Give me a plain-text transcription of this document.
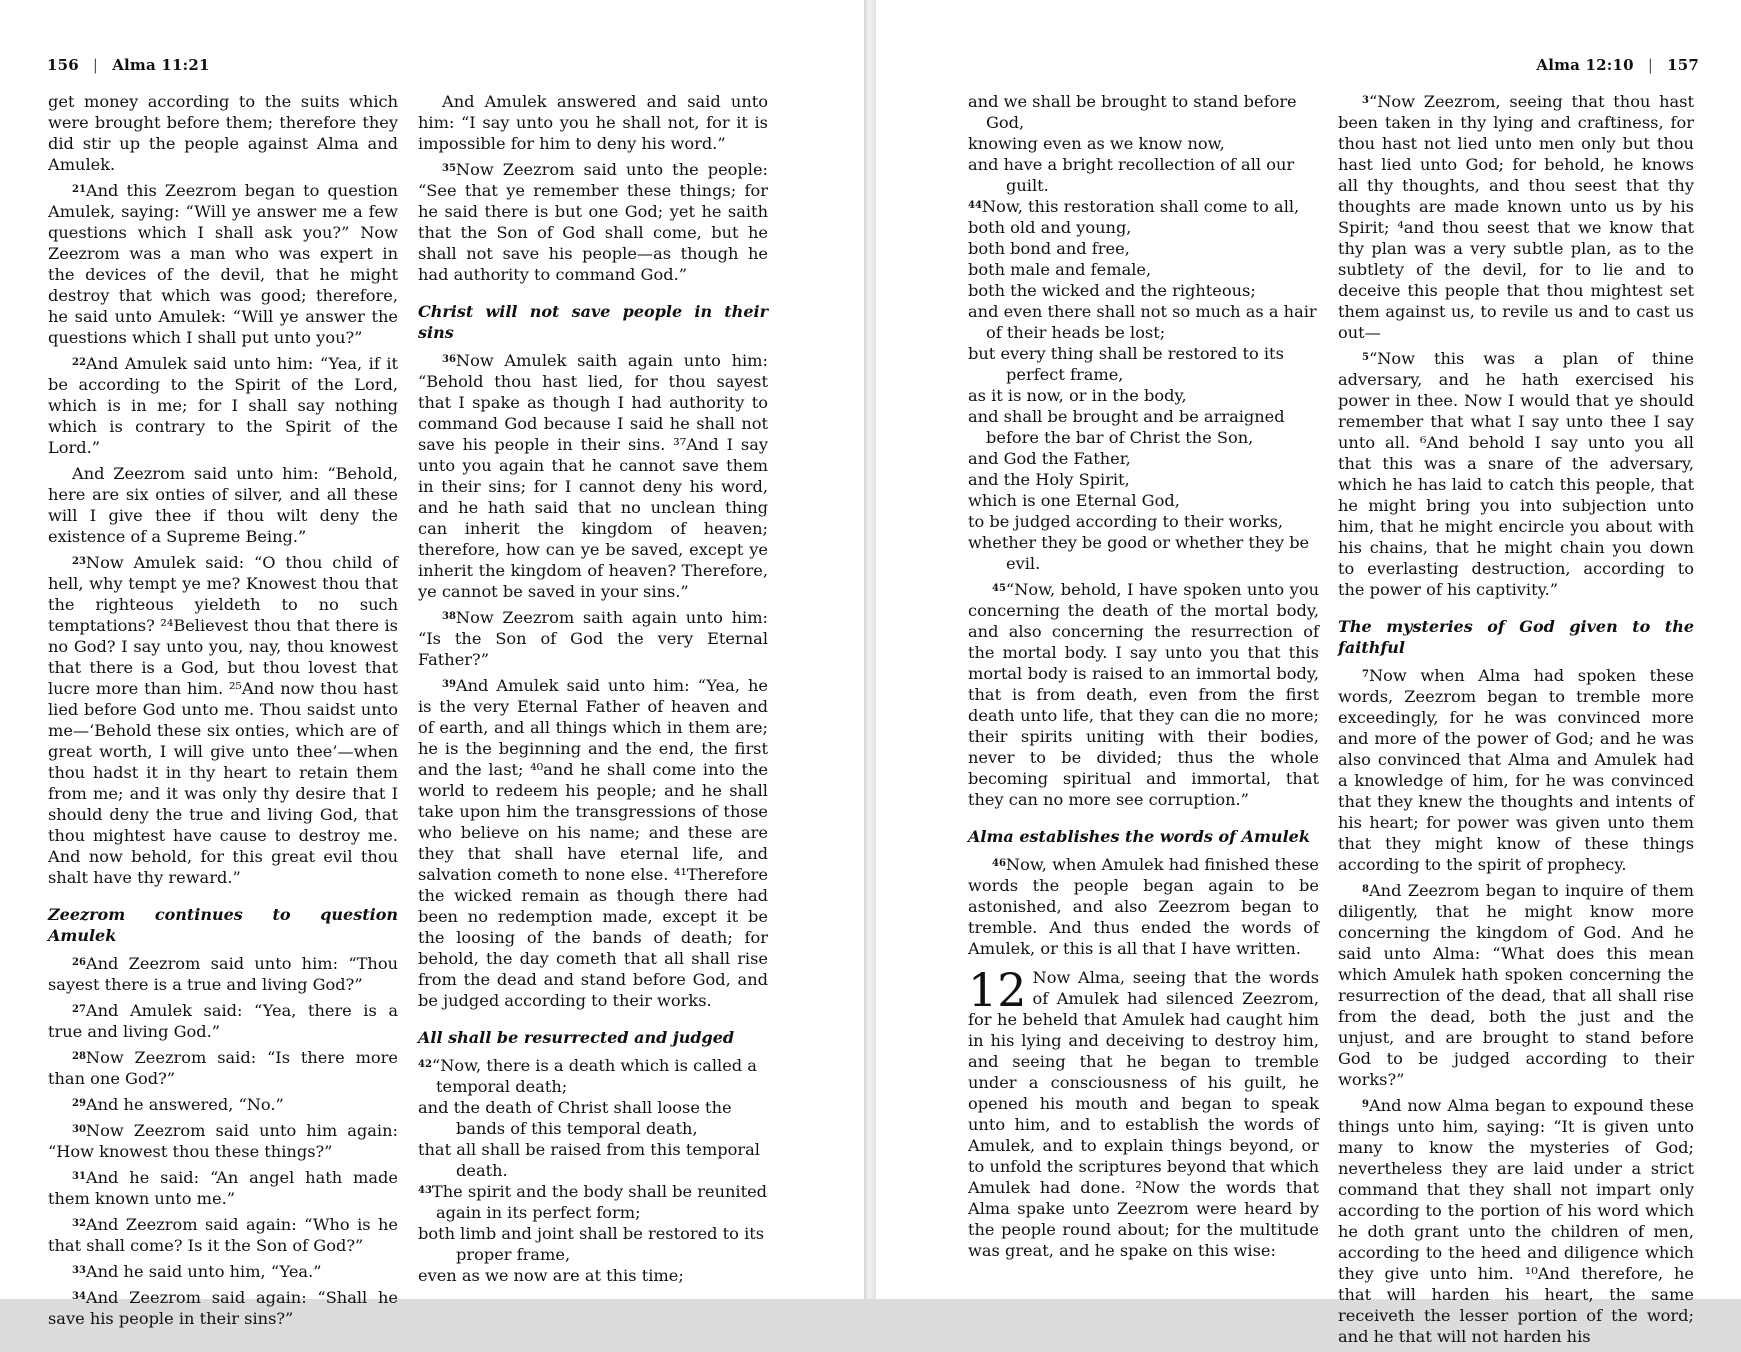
156 | Alma 11:21

get money according to the suits which were brought before them; therefore they did stir up the people against Alma and Amulek.

$^{21}$And this Zeezrom began to question Amulek, saying: “Will ye answer me a few questions which I shall ask you?” Now Zeezrom was a man who was expert in the devices of the devil, that he might destroy that which was good; therefore, he said unto Amulek: “Will ye answer the questions which I shall put unto you?”

$^{22}$And Amulek said unto him: “Yea, if it be according to the Spirit of the Lord, which is in me; for I shall say nothing which is contrary to the Spirit of the Lord.”

And Zeezrom said unto him: “Behold, here are six onties of silver, and all these will I give thee if thou wilt deny the existence of a Supreme Being.”

$^{23}$Now Amulek said: “O thou child of hell, why tempt ye me? Knowest thou that the righteous yieldeth to no such temptations? ²⁴Believest thou that there is no God? I say unto you, nay, thou knowest that there is a God, but thou lovest that lucre more than him. ²⁵And now thou hast lied before God unto me. Thou saidst unto me—‘Behold these six onties, which are of great worth, I will give unto thee’—when thou hadst it in thy heart to retain them from me; and it was only thy desire that I should deny the true and living God, that thou mightest have cause to destroy me. And now behold, for this great evil thou shalt have thy reward.”

Zeezrom continues to question Amulek

$^{26}$And Zeezrom said unto him: “Thou sayest there is a true and living God?”

$^{27}$And Amulek said: “Yea, there is a true and living God.”

$^{28}$Now Zeezrom said: “Is there more than one God?”

$^{29}$And he answered, “No.”

$^{30}$Now Zeezrom said unto him again: “How knowest thou these things?”

$^{31}$And he said: “An angel hath made them known unto me.”

$^{32}$And Zeezrom said again: “Who is he that shall come? Is it the Son of God?”

$^{33}$And he said unto him, “Yea.”

$^{34}$And Zeezrom said again: “Shall he save his people in their sins?”

And Amulek answered and said unto him: “I say unto you he shall not, for it is impossible for him to deny his word.”

$^{35}$Now Zeezrom said unto the people: “See that ye remember these things; for he said there is but one God; yet he saith that the Son of God shall come, but he shall not save his people—as though he had authority to command God.”

Christ will not save people in their sins

$^{36}$Now Amulek saith again unto him: “Behold thou hast lied, for thou sayest that I spake as though I had authority to command God because I said he shall not save his people in their sins. ³⁷And I say unto you again that he cannot save them in their sins; for I cannot deny his word, and he hath said that no unclean thing can inherit the kingdom of heaven; therefore, how can ye be saved, except ye inherit the kingdom of heaven? Therefore, ye cannot be saved in your sins.”

$^{38}$Now Zeezrom saith again unto him: “Is the Son of God the very Eternal Father?”

$^{39}$And Amulek said unto him: “Yea, he is the very Eternal Father of heaven and of earth, and all things which in them are; he is the beginning and the end, the first and the last; ⁴⁰and he shall come into the world to redeem his people; and he shall take upon him the transgressions of those who believe on his name; and these are they that shall have eternal life, and salvation cometh to none else. ⁴¹Therefore the wicked remain as though there had been no redemption made, except it be the loosing of the bands of death; for behold, the day cometh that all shall rise from the dead and stand before God, and be judged according to their works.

All shall be resurrected and judged
$^{42}$“Now, there is a death which is called a temporal death;
and the death of Christ shall loose the bands of this temporal death,
that all shall be raised from this temporal death.
$^{43}$The spirit and the body shall be reunited again in its perfect form;
both limb and joint shall be restored to its proper frame,
even as we now are at this time;
Alma 12:10 | 157
and we shall be brought to stand before God,
knowing even as we know now,
and have a bright recollection of all our guilt.
$^{44}$Now, this restoration shall come to all,
both old and young,
both bond and free,
both male and female,
both the wicked and the righteous;
and even there shall not so much as a hair of their heads be lost;
but every thing shall be restored to its perfect frame,
as it is now, or in the body,
and shall be brought and be arraigned before the bar of Christ the Son,
and God the Father,
and the Holy Spirit,
which is one Eternal God,
to be judged according to their works,
whether they be good or whether they be evil.

$^{45}$“Now, behold, I have spoken unto you concerning the death of the mortal body, and also concerning the resurrection of the mortal body. I say unto you that this mortal body is raised to an immortal body, that is from death, even from the first death unto life, that they can die no more; their spirits uniting with their bodies, never to be divided; thus the whole becoming spiritual and immortal, that they can no more see corruption.”

Alma establishes the words of Amulek

$^{46}$Now, when Amulek had finished these words the people began again to be astonished, and also Zeezrom began to tremble. And thus ended the words of Amulek, or this is all that I have written.

12 Now Alma, seeing that the words of Amulek had silenced Zeezrom, for he beheld that Amulek had caught him in his lying and deceiving to destroy him, and seeing that he began to tremble under a consciousness of his guilt, he opened his mouth and began to speak unto him, and to establish the words of Amulek, and to explain things beyond, or to unfold the scriptures beyond that which Amulek had done. ²Now the words that Alma spake unto Zeezrom were heard by the people round about; for the multitude was great, and he spake on this wise:

$^3$“Now Zeezrom, seeing that thou hast been taken in thy lying and craftiness, for thou hast not lied unto men only but thou hast lied unto God; for behold, he knows all thy thoughts, and thou seest that thy thoughts are made known unto us by his Spirit; ⁴and thou seest that we know that thy plan was a very subtle plan, as to the subtlety of the devil, for to lie and to deceive this people that thou mightest set them against us, to revile us and to cast us out—

$^5$“Now this was a plan of thine adversary, and he hath exercised his power in thee. Now I would that ye should remember that what I say unto thee I say unto all. ⁶And behold I say unto you all that this was a snare of the adversary, which he has laid to catch this people, that he might bring you into subjection unto him, that he might encircle you about with his chains, that he might chain you down to everlasting destruction, according to the power of his captivity.”

The mysteries of God given to the faithful

$^7$Now when Alma had spoken these words, Zeezrom began to tremble more exceedingly, for he was convinced more and more of the power of God; and he was also convinced that Alma and Amulek had a knowledge of him, for he was convinced that they knew the thoughts and intents of his heart; for power was given unto them that they might know of these things according to the spirit of prophecy.

$^8$And Zeezrom began to inquire of them diligently, that he might know more concerning the kingdom of God. And he said unto Alma: “What does this mean which Amulek hath spoken concerning the resurrection of the dead, that all shall rise from the dead, both the just and the unjust, and are brought to stand before God to be judged according to their works?”

$^9$And now Alma began to expound these things unto him, saying: “It is given unto many to know the mysteries of God; nevertheless they are laid under a strict command that they shall not impart only according to the portion of his word which he doth grant unto the children of men, according to the heed and diligence which they give unto him. ¹⁰And therefore, he that will harden his heart, the same receiveth the lesser portion of the word; and he that will not harden his
